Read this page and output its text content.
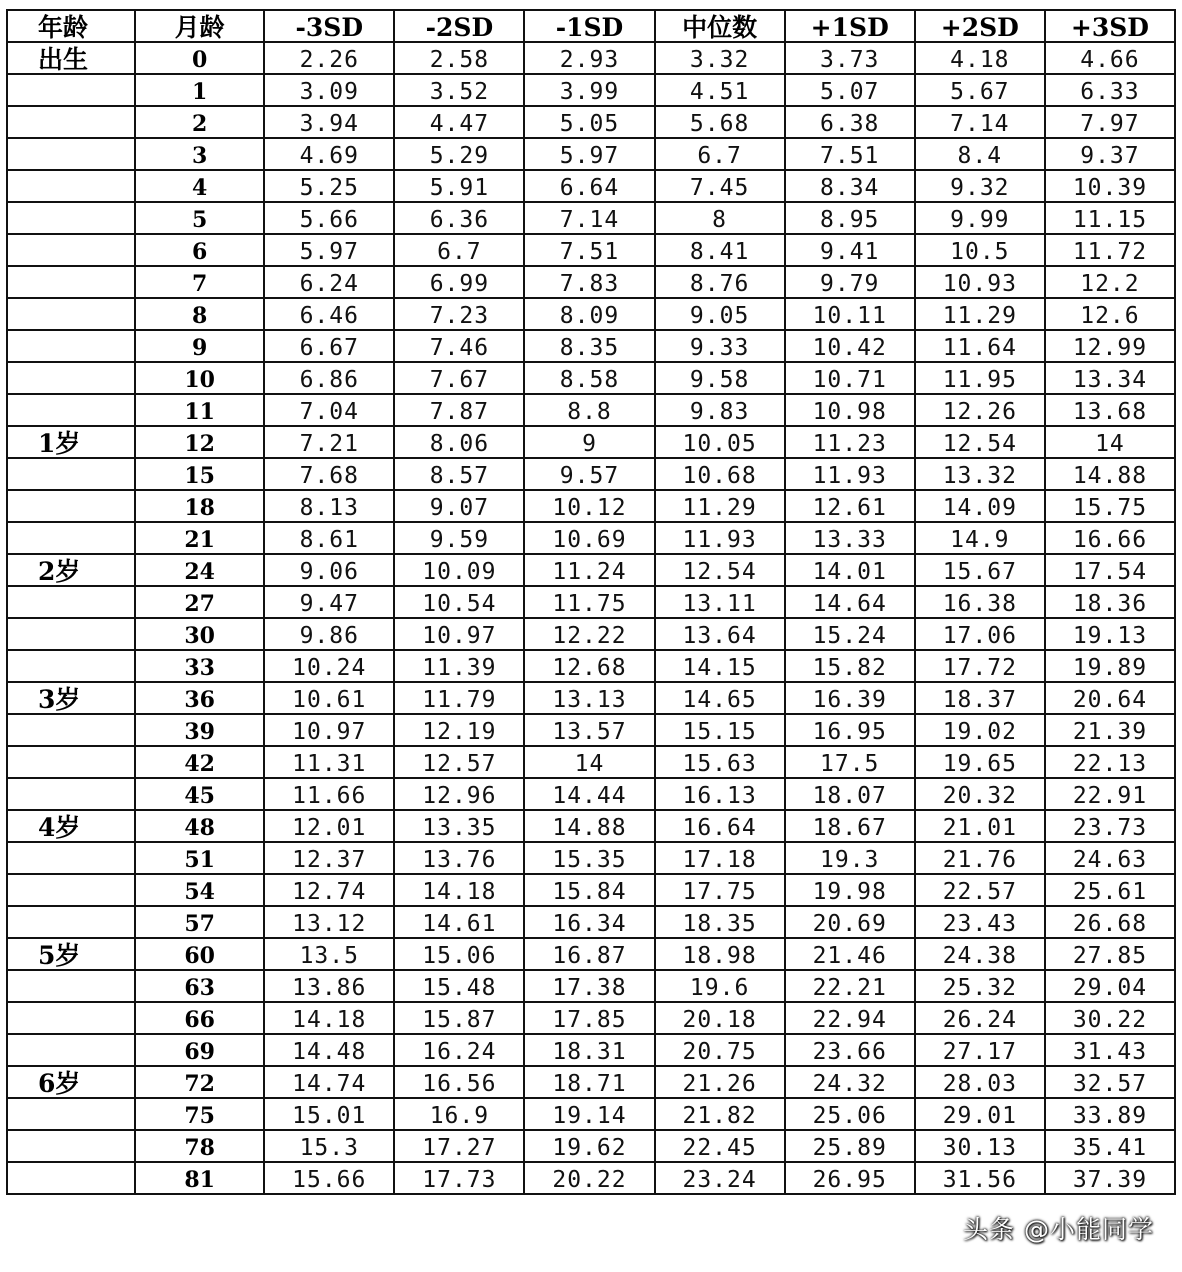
年龄	月龄	-3SD	-2SD	-1SD	中位数	+1SD	+2SD	+3SD
出生	0	2.26	2.58	2.93	3.32	3.73	4.18	4.66
	1	3.09	3.52	3.99	4.51	5.07	5.67	6.33
	2	3.94	4.47	5.05	5.68	6.38	7.14	7.97
	3	4.69	5.29	5.97	6.7	7.51	8.4	9.37
	4	5.25	5.91	6.64	7.45	8.34	9.32	10.39
	5	5.66	6.36	7.14	8	8.95	9.99	11.15
	6	5.97	6.7	7.51	8.41	9.41	10.5	11.72
	7	6.24	6.99	7.83	8.76	9.79	10.93	12.2
	8	6.46	7.23	8.09	9.05	10.11	11.29	12.6
	9	6.67	7.46	8.35	9.33	10.42	11.64	12.99
	10	6.86	7.67	8.58	9.58	10.71	11.95	13.34
	11	7.04	7.87	8.8	9.83	10.98	12.26	13.68
1岁	12	7.21	8.06	9	10.05	11.23	12.54	14
	15	7.68	8.57	9.57	10.68	11.93	13.32	14.88
	18	8.13	9.07	10.12	11.29	12.61	14.09	15.75
	21	8.61	9.59	10.69	11.93	13.33	14.9	16.66
2岁	24	9.06	10.09	11.24	12.54	14.01	15.67	17.54
	27	9.47	10.54	11.75	13.11	14.64	16.38	18.36
	30	9.86	10.97	12.22	13.64	15.24	17.06	19.13
	33	10.24	11.39	12.68	14.15	15.82	17.72	19.89
3岁	36	10.61	11.79	13.13	14.65	16.39	18.37	20.64
	39	10.97	12.19	13.57	15.15	16.95	19.02	21.39
	42	11.31	12.57	14	15.63	17.5	19.65	22.13
	45	11.66	12.96	14.44	16.13	18.07	20.32	22.91
4岁	48	12.01	13.35	14.88	16.64	18.67	21.01	23.73
	51	12.37	13.76	15.35	17.18	19.3	21.76	24.63
	54	12.74	14.18	15.84	17.75	19.98	22.57	25.61
	57	13.12	14.61	16.34	18.35	20.69	23.43	26.68
5岁	60	13.5	15.06	16.87	18.98	21.46	24.38	27.85
	63	13.86	15.48	17.38	19.6	22.21	25.32	29.04
	66	14.18	15.87	17.85	20.18	22.94	26.24	30.22
	69	14.48	16.24	18.31	20.75	23.66	27.17	31.43
6岁	72	14.74	16.56	18.71	21.26	24.32	28.03	32.57
	75	15.01	16.9	19.14	21.82	25.06	29.01	33.89
	78	15.3	17.27	19.62	22.45	25.89	30.13	35.41
	81	15.66	17.73	20.22	23.24	26.95	31.56	37.39
头条 @小能同学
